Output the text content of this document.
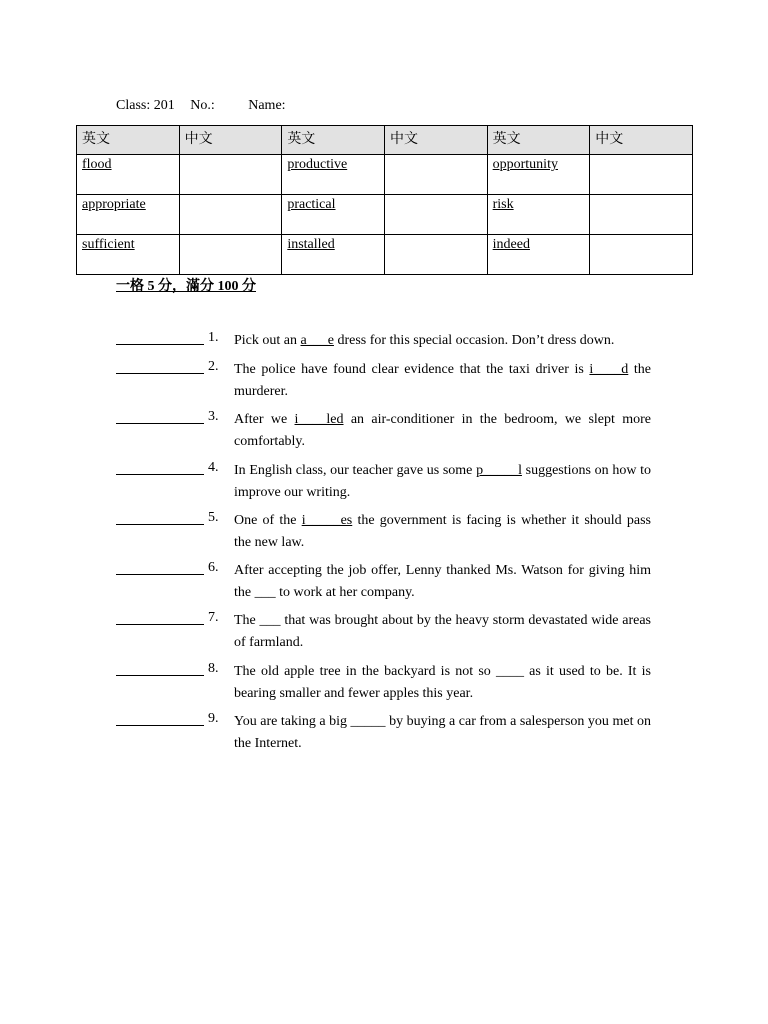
Class: 201 No.: Name:
英文	中文	英文	中文	英文	中文
flood		productive		opportunity	
appropriate		practical		risk	
sufficient		installed		indeed	
一格 5 分，滿分 100 分
1. Pick out an a___e dress for this special occasion. Don’t dress down.
2. The police have found clear evidence that the taxi driver is i____d the murderer.
3. After we i____led an air-conditioner in the bedroom, we slept more comfortably.
4. In English class, our teacher gave us some p_____l suggestions on how to improve our writing.
5. One of the i_____es the government is facing is whether it should pass the new law.
6. After accepting the job offer, Lenny thanked Ms. Watson for giving him the ___ to work at her company.
7. The ___ that was brought about by the heavy storm devastated wide areas of farmland.
8. The old apple tree in the backyard is not so ____ as it used to be. It is bearing smaller and fewer apples this year.
9. You are taking a big _____ by buying a car from a salesperson you met on the Internet.
